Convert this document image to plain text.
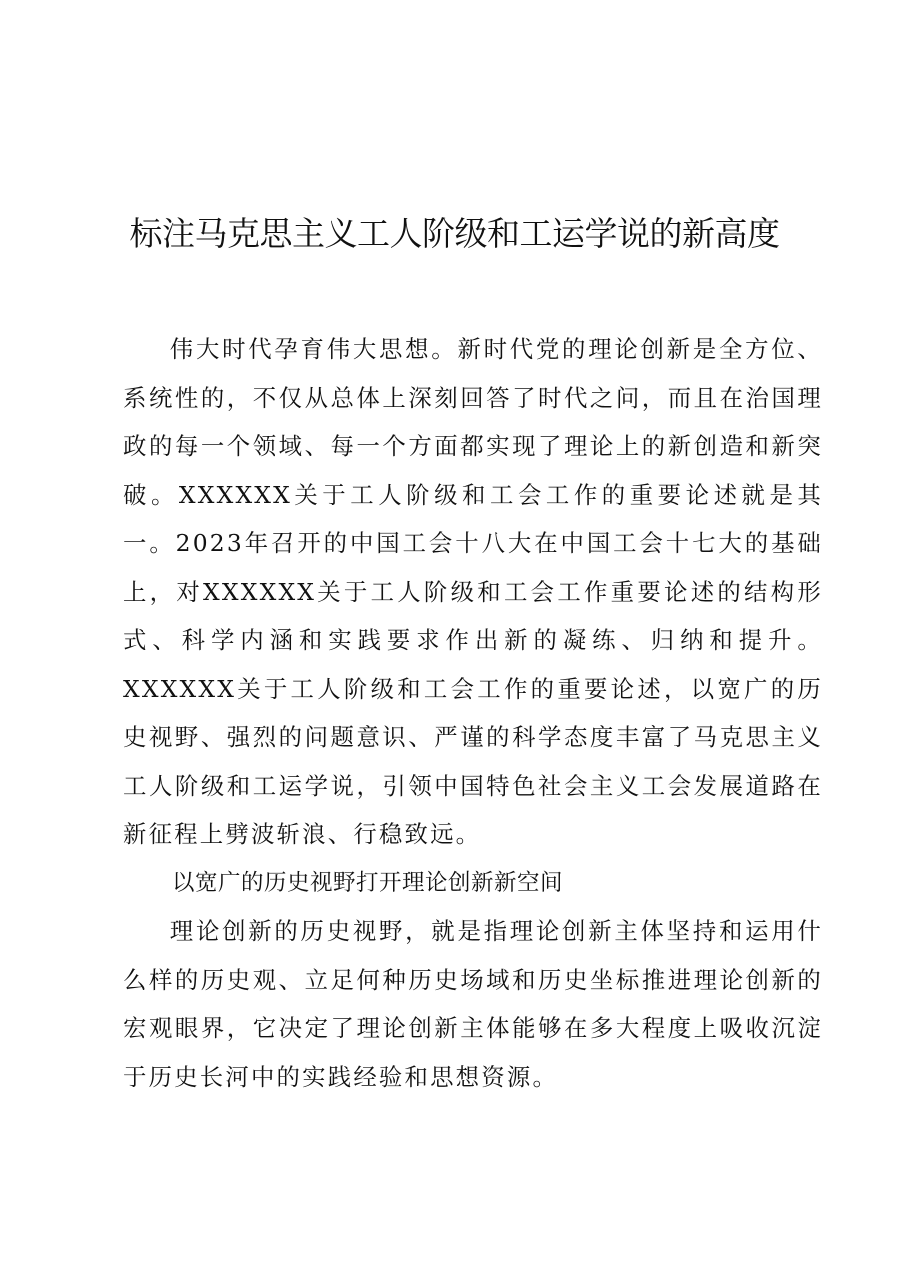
标注马克思主义工人阶级和工运学说的新高度

伟大时代孕育伟大思想。新时代党的理论创新是全方位、系统性的，不仅从总体上深刻回答了时代之问，而且在治国理政的每一个领域、每一个方面都实现了理论上的新创造和新突破。XXXXXX关于工人阶级和工会工作的重要论述就是其一。2023年召开的中国工会十八大在中国工会十七大的基础上，对XXXXXX关于工人阶级和工会工作重要论述的结构形式、科学内涵和实践要求作出新的凝练、归纳和提升。XXXXXX关于工人阶级和工会工作的重要论述，以宽广的历史视野、强烈的问题意识、严谨的科学态度丰富了马克思主义工人阶级和工运学说，引领中国特色社会主义工会发展道路在新征程上劈波斩浪、行稳致远。

以宽广的历史视野打开理论创新新空间

理论创新的历史视野，就是指理论创新主体坚持和运用什么样的历史观、立足何种历史场域和历史坐标推进理论创新的宏观眼界，它决定了理论创新主体能够在多大程度上吸收沉淀于历史长河中的实践经验和思想资源。
